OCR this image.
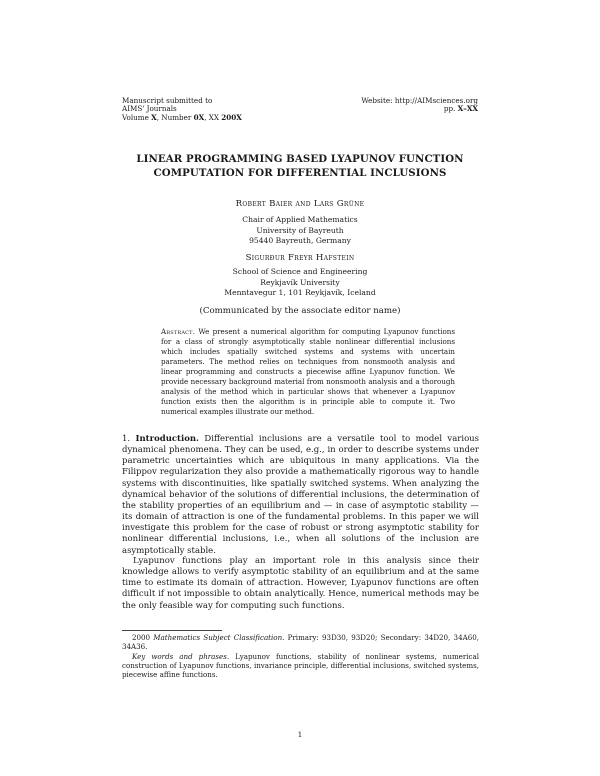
Manuscript submitted to
AIMS' Journals
Volume X, Number 0X, XX 200X
Website: http://AIMsciences.org
pp. X–XX
LINEAR PROGRAMMING BASED LYAPUNOV FUNCTION
COMPUTATION FOR DIFFERENTIAL INCLUSIONS
Robert Baier and Lars Grüne
Chair of Applied Mathematics
University of Bayreuth
95440 Bayreuth, Germany
Sigurður Freyr Hafstein
School of Science and Engineering
Reykjavík University
Menntavegur 1, 101 Reykjavík, Iceland
(Communicated by the associate editor name)
Abstract. We present a numerical algorithm for computing Lyapunov functions for a class of strongly asymptotically stable nonlinear differential inclusions which includes spatially switched systems and systems with uncertain parameters. The method relies on techniques from nonsmooth analysis and linear programming and constructs a piecewise affine Lyapunov function. We provide necessary background material from nonsmooth analysis and a thorough analysis of the method which in particular shows that whenever a Lyapunov function exists then the algorithm is in principle able to compute it. Two numerical examples illustrate our method.
1. Introduction. Differential inclusions are a versatile tool to model various dynamical phenomena. They can be used, e.g., in order to describe systems under parametric uncertainties which are ubiquitous in many applications. Via the Filippov regularization they also provide a mathematically rigorous way to handle systems with discontinuities, like spatially switched systems. When analyzing the dynamical behavior of the solutions of differential inclusions, the determination of the stability properties of an equilibrium and — in case of asymptotic stability — its domain of attraction is one of the fundamental problems. In this paper we will investigate this problem for the case of robust or strong asymptotic stability for nonlinear differential inclusions, i.e., when all solutions of the inclusion are asymptotically stable.
Lyapunov functions play an important role in this analysis since their knowledge allows to verify asymptotic stability of an equilibrium and at the same time to estimate its domain of attraction. However, Lyapunov functions are often difficult if not impossible to obtain analytically. Hence, numerical methods may be the only feasible way for computing such functions.

2000 Mathematics Subject Classification. Primary: 93D30, 93D20; Secondary: 34D20, 34A60, 34A36.

Key words and phrases. Lyapunov functions, stability of nonlinear systems, numerical construction of Lyapunov functions, invariance principle, differential inclusions, switched systems, piecewise affine functions.

1
